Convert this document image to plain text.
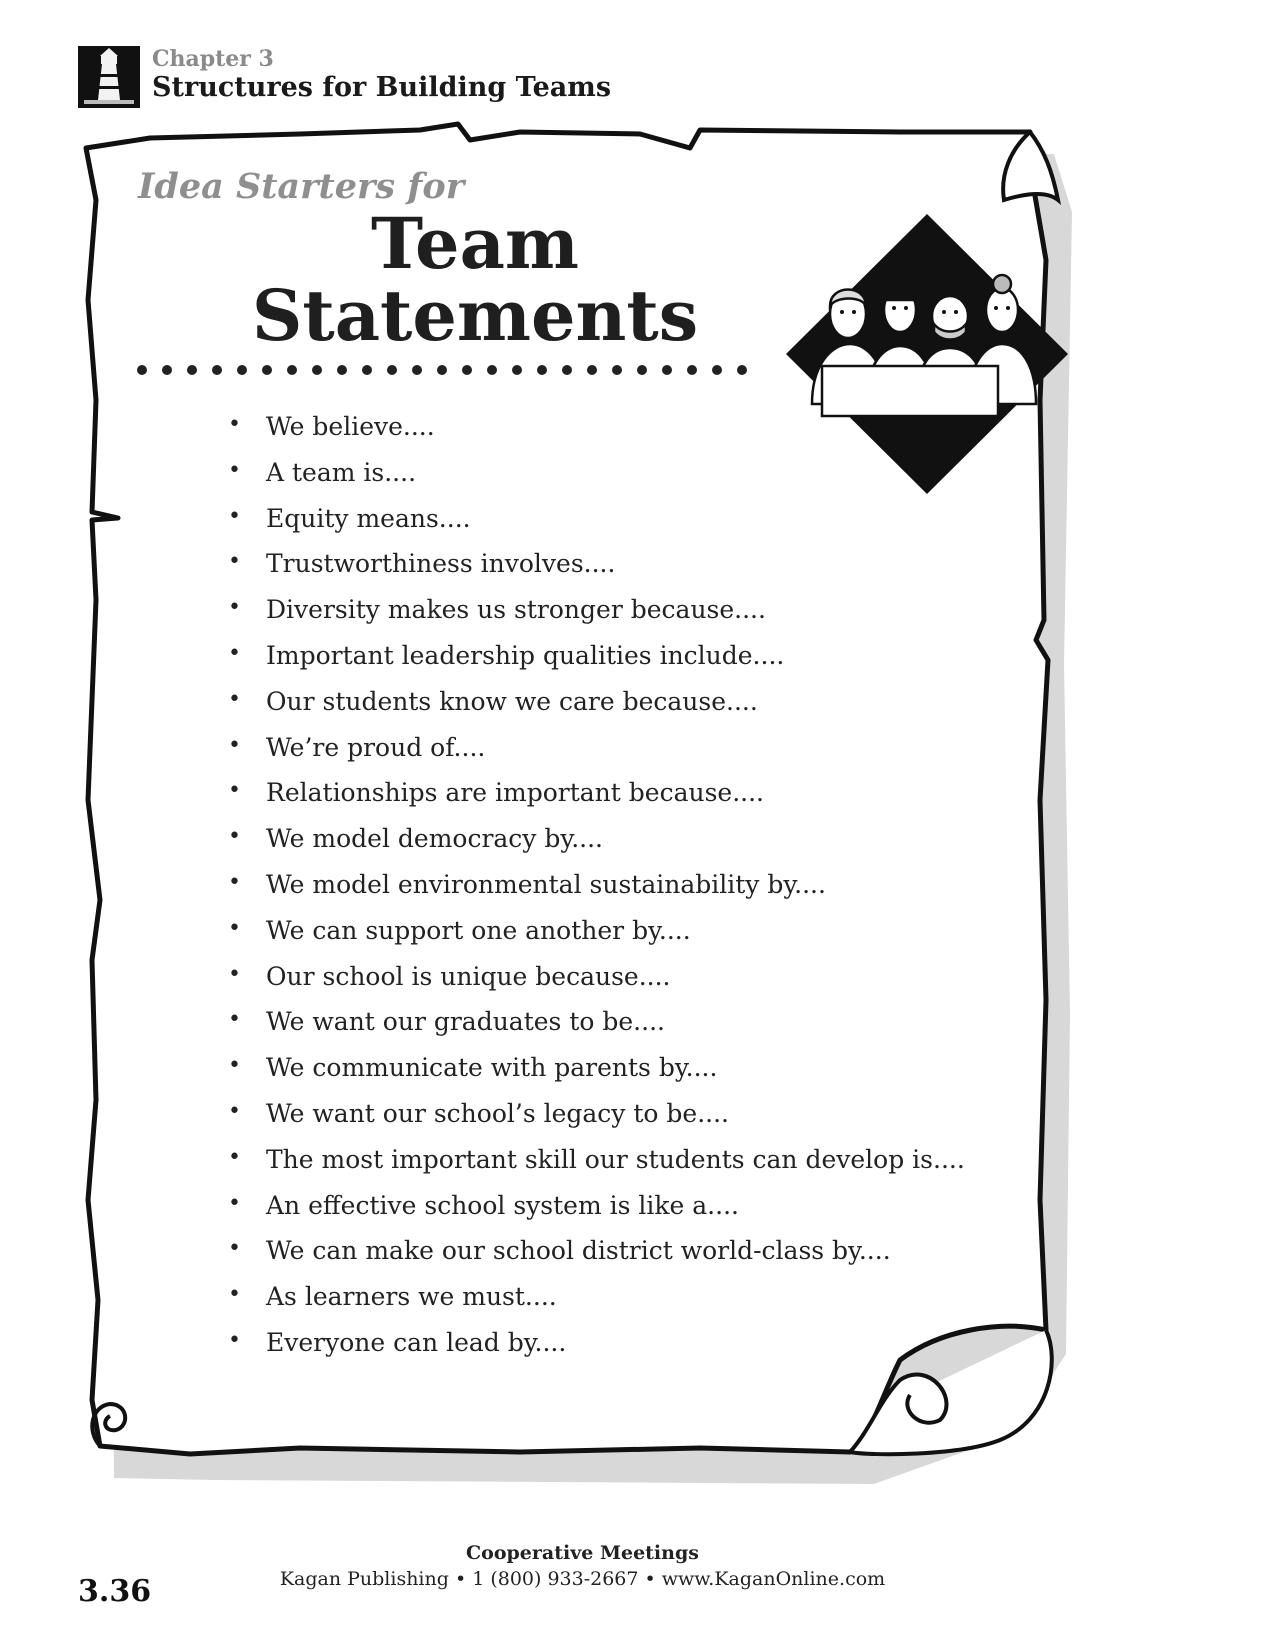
Chapter 3
Structures for Building Teams
Idea Starters for
Team
Statements
• We believe....
• A team is....
• Equity means....
• Trustworthiness involves....
• Diversity makes us stronger because....
• Important leadership qualities include....
• Our students know we care because....
• We’re proud of....
• Relationships are important because....
• We model democracy by....
• We model environmental sustainability by....
• We can support one another by....
• Our school is unique because....
• We want our graduates to be....
• We communicate with parents by....
• We want our school’s legacy to be....
• The most important skill our students can develop is....
• An effective school system is like a....
• We can make our school district world-class by....
• As learners we must....
• Everyone can lead by....
Cooperative Meetings
Kagan Publishing • 1 (800) 933-2667 • www.KaganOnline.com
3.36
